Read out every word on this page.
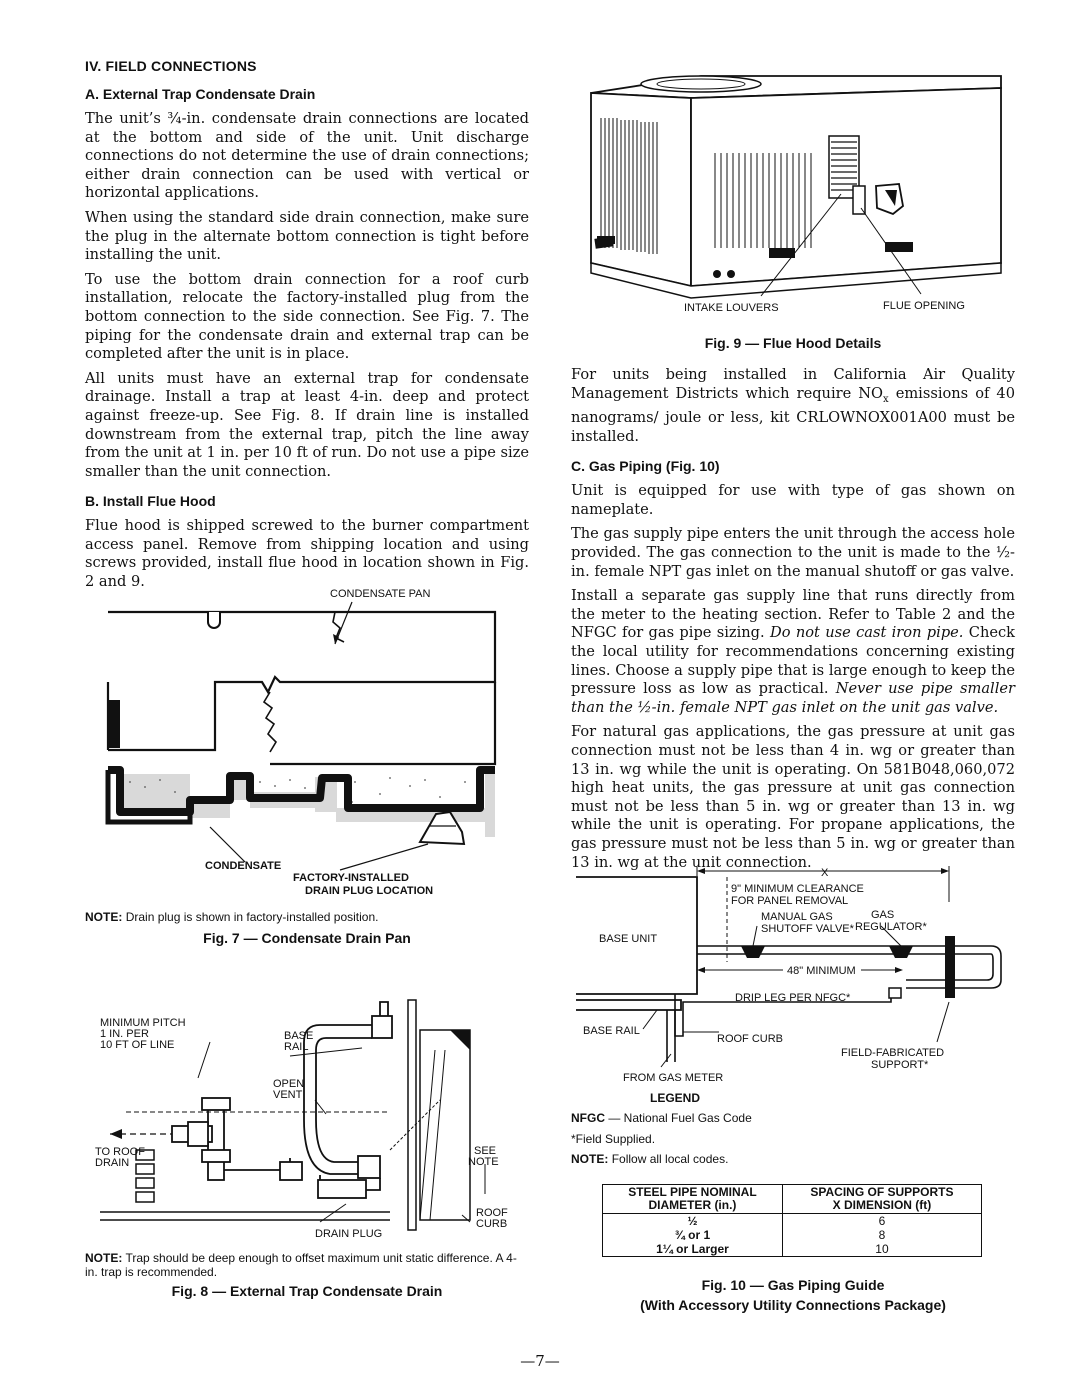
IV. FIELD CONNECTIONS
A. External Trap Condensate Drain

The unit’s ¾-in. condensate drain connections are located at the bottom and side of the unit. Unit discharge connections do not determine the use of drain connections; either drain connection can be used with vertical or horizontal applications.

When using the standard side drain connection, make sure the plug in the alternate bottom connection is tight before installing the unit.

To use the bottom drain connection for a roof curb installation, relocate the factory-installed plug from the bottom connection to the side connection. See Fig. 7. The piping for the condensate drain and external trap can be completed after the unit is in place.

All units must have an external trap for condensate drainage. Install a trap at least 4-in. deep and protect against freeze-up. See Fig. 8. If drain line is installed downstream from the external trap, pitch the line away from the unit at 1 in. per 10 ft of run. Do not use a pipe size smaller than the unit connection.

B. Install Flue Hood

Flue hood is shipped screwed to the burner compartment access panel. Remove from shipping location and using screws provided, install flue hood in location shown in Fig. 2 and 9.

CONDENSATE PAN
CONDENSATE
FACTORY-INSTALLED
DRAIN PLUG LOCATION
NOTE: Drain plug is shown in factory-installed position.
Fig. 7 — Condensate Drain Pan
MINIMUM PITCH
1 IN. PER
10 FT OF LINE
BASE
RAIL
OPEN
VENT
TO ROOF
DRAIN
SEE
NOTE
ROOF
CURB
DRAIN PLUG
NOTE: Trap should be deep enough to offset maximum unit static difference. A 4-in. trap is recommended.
Fig. 8 — External Trap Condensate Drain
INTAKE LOUVERS	FLUE OPENING
Fig. 9 — Flue Hood Details

For units being installed in California Air Quality Management Districts which require $NO_x$ emissions of 40 nanograms/ joule or less, kit CRLOWNOX001A00 must be installed.

C. Gas Piping (Fig. 10)

Unit is equipped for use with type of gas shown on nameplate.

The gas supply pipe enters the unit through the access hole provided. The gas connection to the unit is made to the ½-in. female NPT gas inlet on the manual shutoff or gas valve.

Install a separate gas supply line that runs directly from the meter to the heating section. Refer to Table 2 and the NFGC for gas pipe sizing. Do not use cast iron pipe. Check the local utility for recommendations concerning existing lines. Choose a supply pipe that is large enough to keep the pressure loss as low as practical. Never use pipe smaller than the ½-in. female NPT gas inlet on the unit gas valve.

For natural gas applications, the gas pressure at unit gas connection must not be less than 4 in. wg or greater than 13 in. wg while the unit is operating. On 581B048,060,072 high heat units, the gas pressure at unit gas connection must not be less than 5 in. wg or greater than 13 in. wg while the unit is operating. For propane applications, the gas pressure must not be less than 5 in. wg or greater than 13 in. wg at the unit connection.

X
9" MINIMUM CLEARANCE
FOR PANEL REMOVAL
MANUAL GAS
SHUTOFF VALVE*
GAS
REGULATOR*
BASE UNIT
48" MINIMUM
DRIP LEG PER NFGC*
BASE RAIL
ROOF CURB
FIELD-FABRICATED
SUPPORT*
FROM GAS METER
LEGEND
NFGC — National Fuel Gas Code
*Field Supplied.
NOTE: Follow all local codes.
STEEL PIPE NOMINAL
DIAMETER (in.)	SPACING OF SUPPORTS
X DIMENSION (ft)
½	6
¾ or 1	8
1¼ or Larger	10
Fig. 10 — Gas Piping Guide
(With Accessory Utility Connections Package)
—7—
